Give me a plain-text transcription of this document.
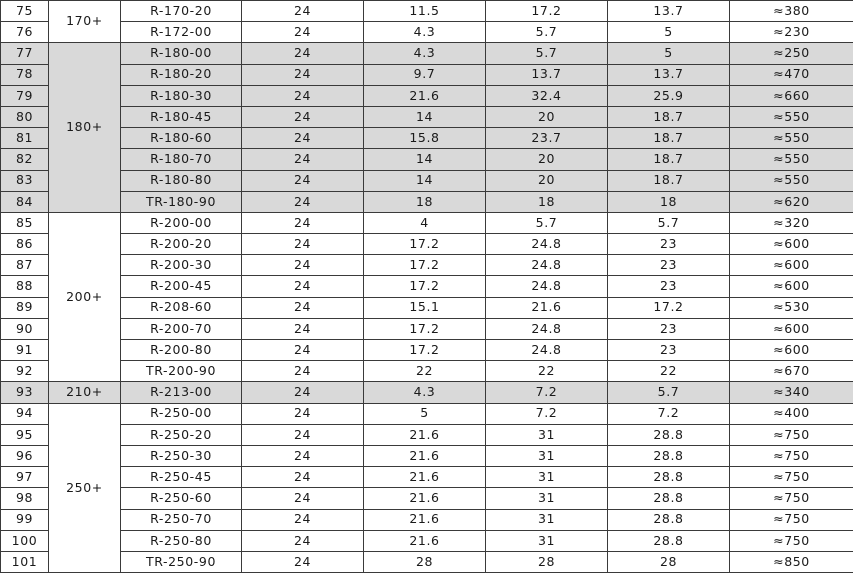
75	170+	R-170-20	24	11.5	17.2	13.7	≈380
76		R-172-00	24	4.3	5.7	5	≈230
77	180+	R-180-00	24	4.3	5.7	5	≈250
78		R-180-20	24	9.7	13.7	13.7	≈470
79		R-180-30	24	21.6	32.4	25.9	≈660
80		R-180-45	24	14	20	18.7	≈550
81		R-180-60	24	15.8	23.7	18.7	≈550
82		R-180-70	24	14	20	18.7	≈550
83		R-180-80	24	14	20	18.7	≈550
84		TR-180-90	24	18	18	18	≈620
85	200+	R-200-00	24	4	5.7	5.7	≈320
86		R-200-20	24	17.2	24.8	23	≈600
87		R-200-30	24	17.2	24.8	23	≈600
88		R-200-45	24	17.2	24.8	23	≈600
89		R-208-60	24	15.1	21.6	17.2	≈530
90		R-200-70	24	17.2	24.8	23	≈600
91		R-200-80	24	17.2	24.8	23	≈600
92		TR-200-90	24	22	22	22	≈670
93	210+	R-213-00	24	4.3	7.2	5.7	≈340
94	250+	R-250-00	24	5	7.2	7.2	≈400
95		R-250-20	24	21.6	31	28.8	≈750
96		R-250-30	24	21.6	31	28.8	≈750
97		R-250-45	24	21.6	31	28.8	≈750
98		R-250-60	24	21.6	31	28.8	≈750
99		R-250-70	24	21.6	31	28.8	≈750
100		R-250-80	24	21.6	31	28.8	≈750
101		TR-250-90	24	28	28	28	≈850
